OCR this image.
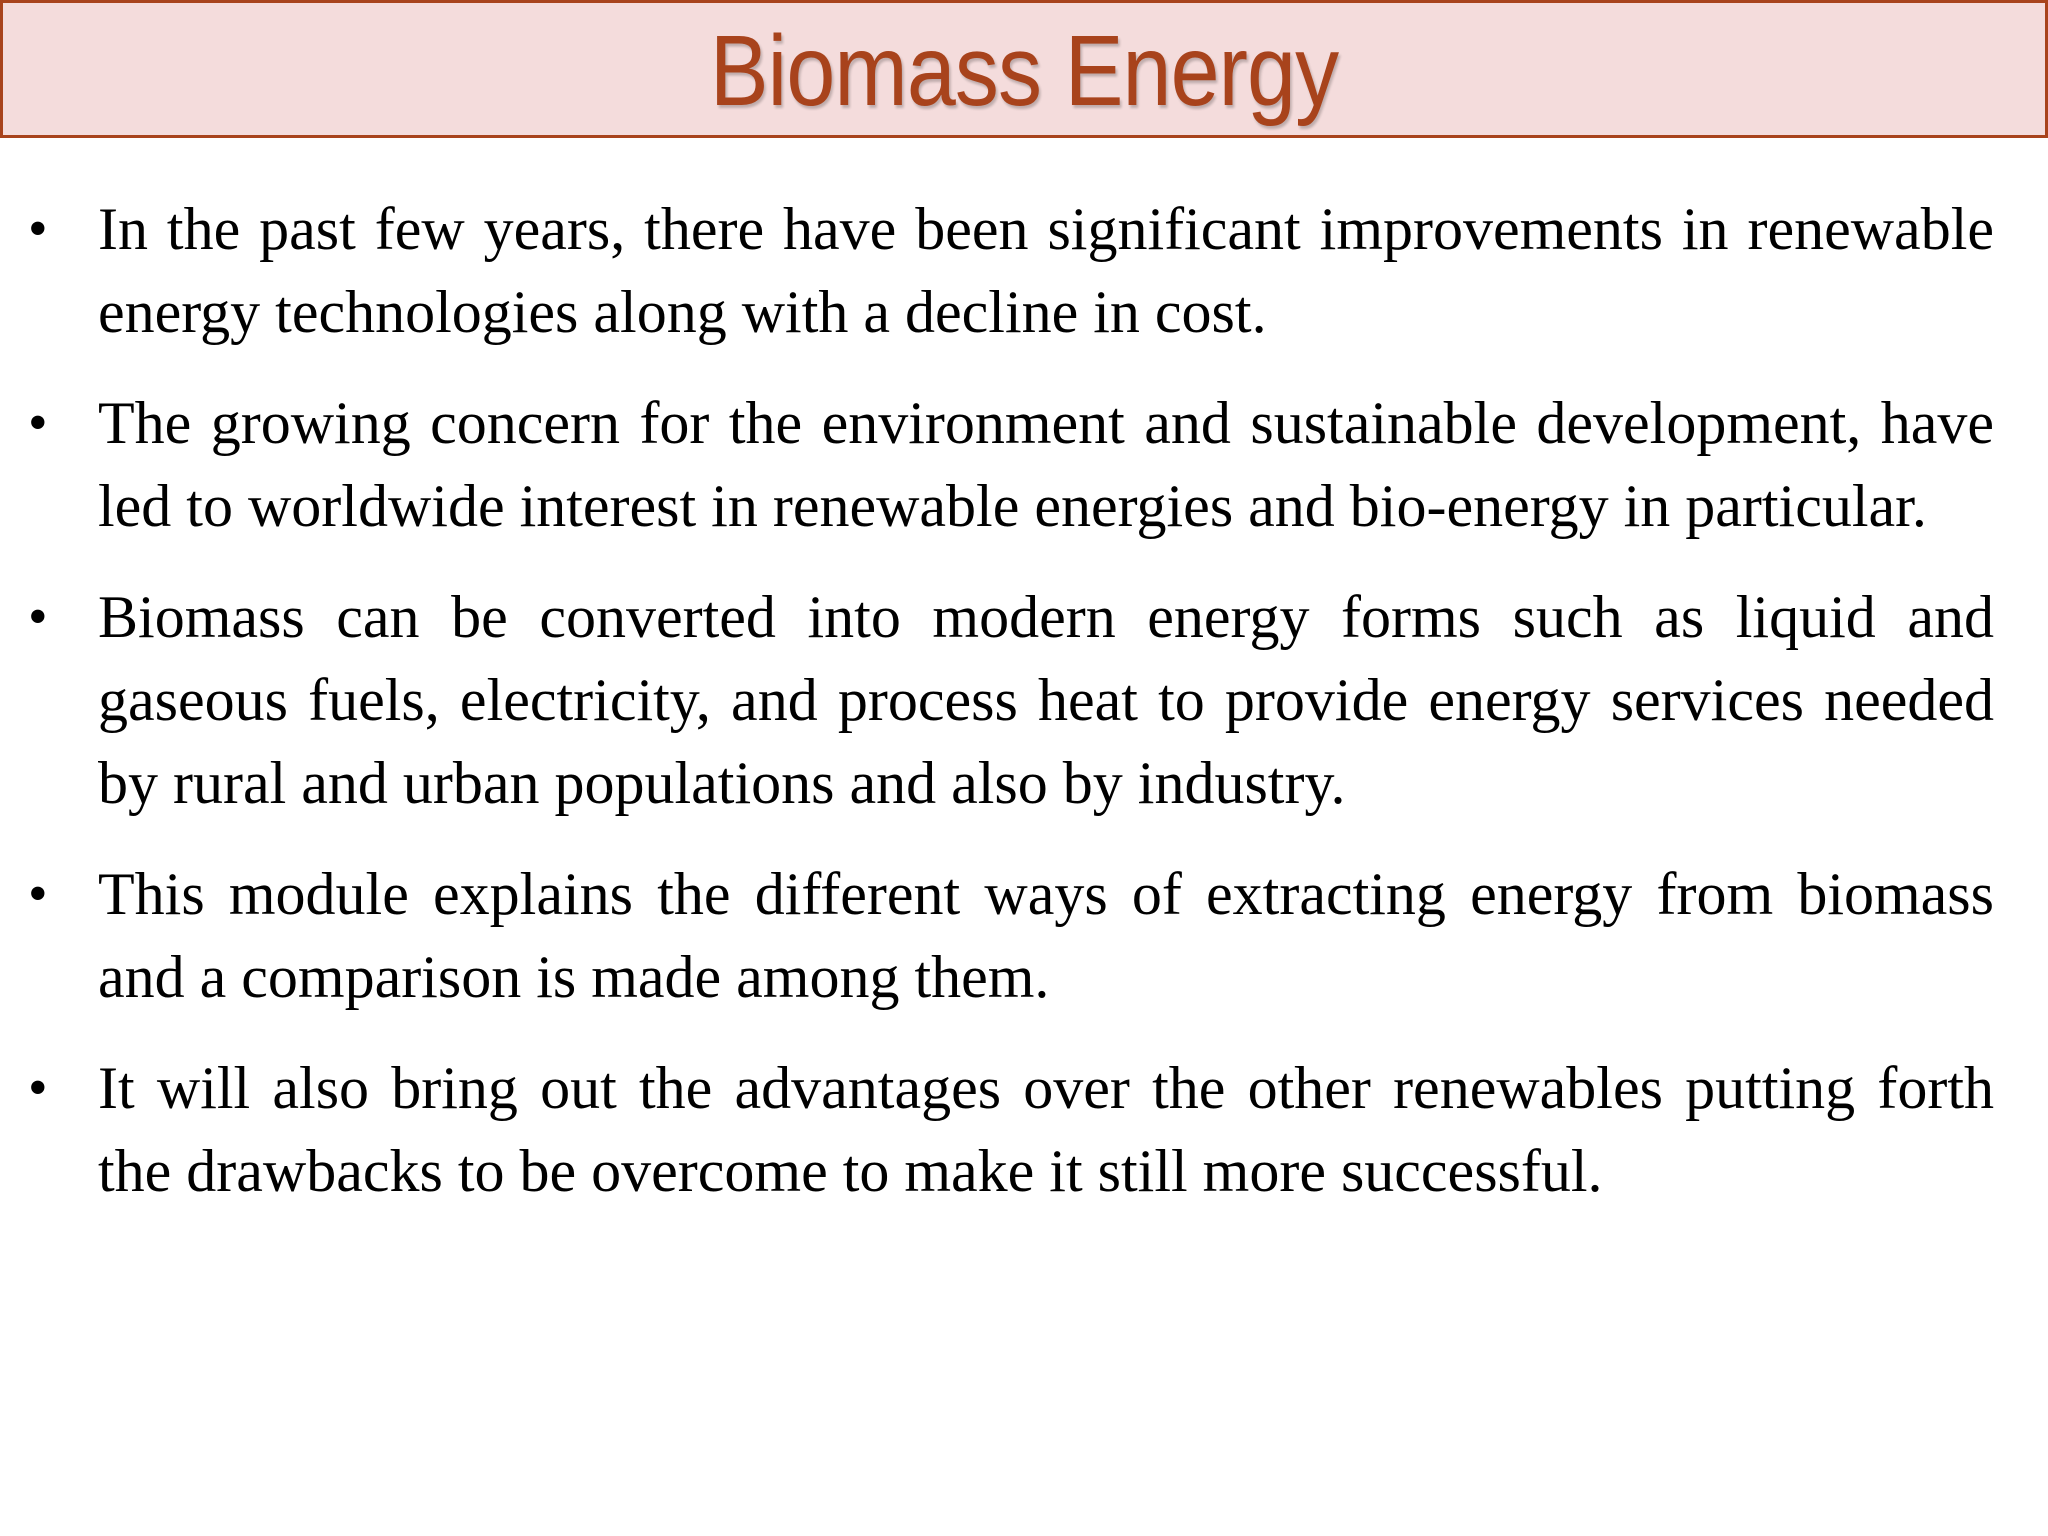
Biomass Energy
• In the past few years, there have been significant improvements in renewable energy technologies along with a decline in cost.
• The growing concern for the environment and sustainable development, have led to worldwide interest in renewable energies and bio-energy in particular.
• Biomass can be converted into modern energy forms such as liquid and gaseous fuels, electricity, and process heat to provide energy services needed by rural and urban populations and also by industry.
• This module explains the different ways of extracting energy from biomass and a comparison is made among them.
• It will also bring out the advantages over the other renewables putting forth the drawbacks to be overcome to make it still more successful.
